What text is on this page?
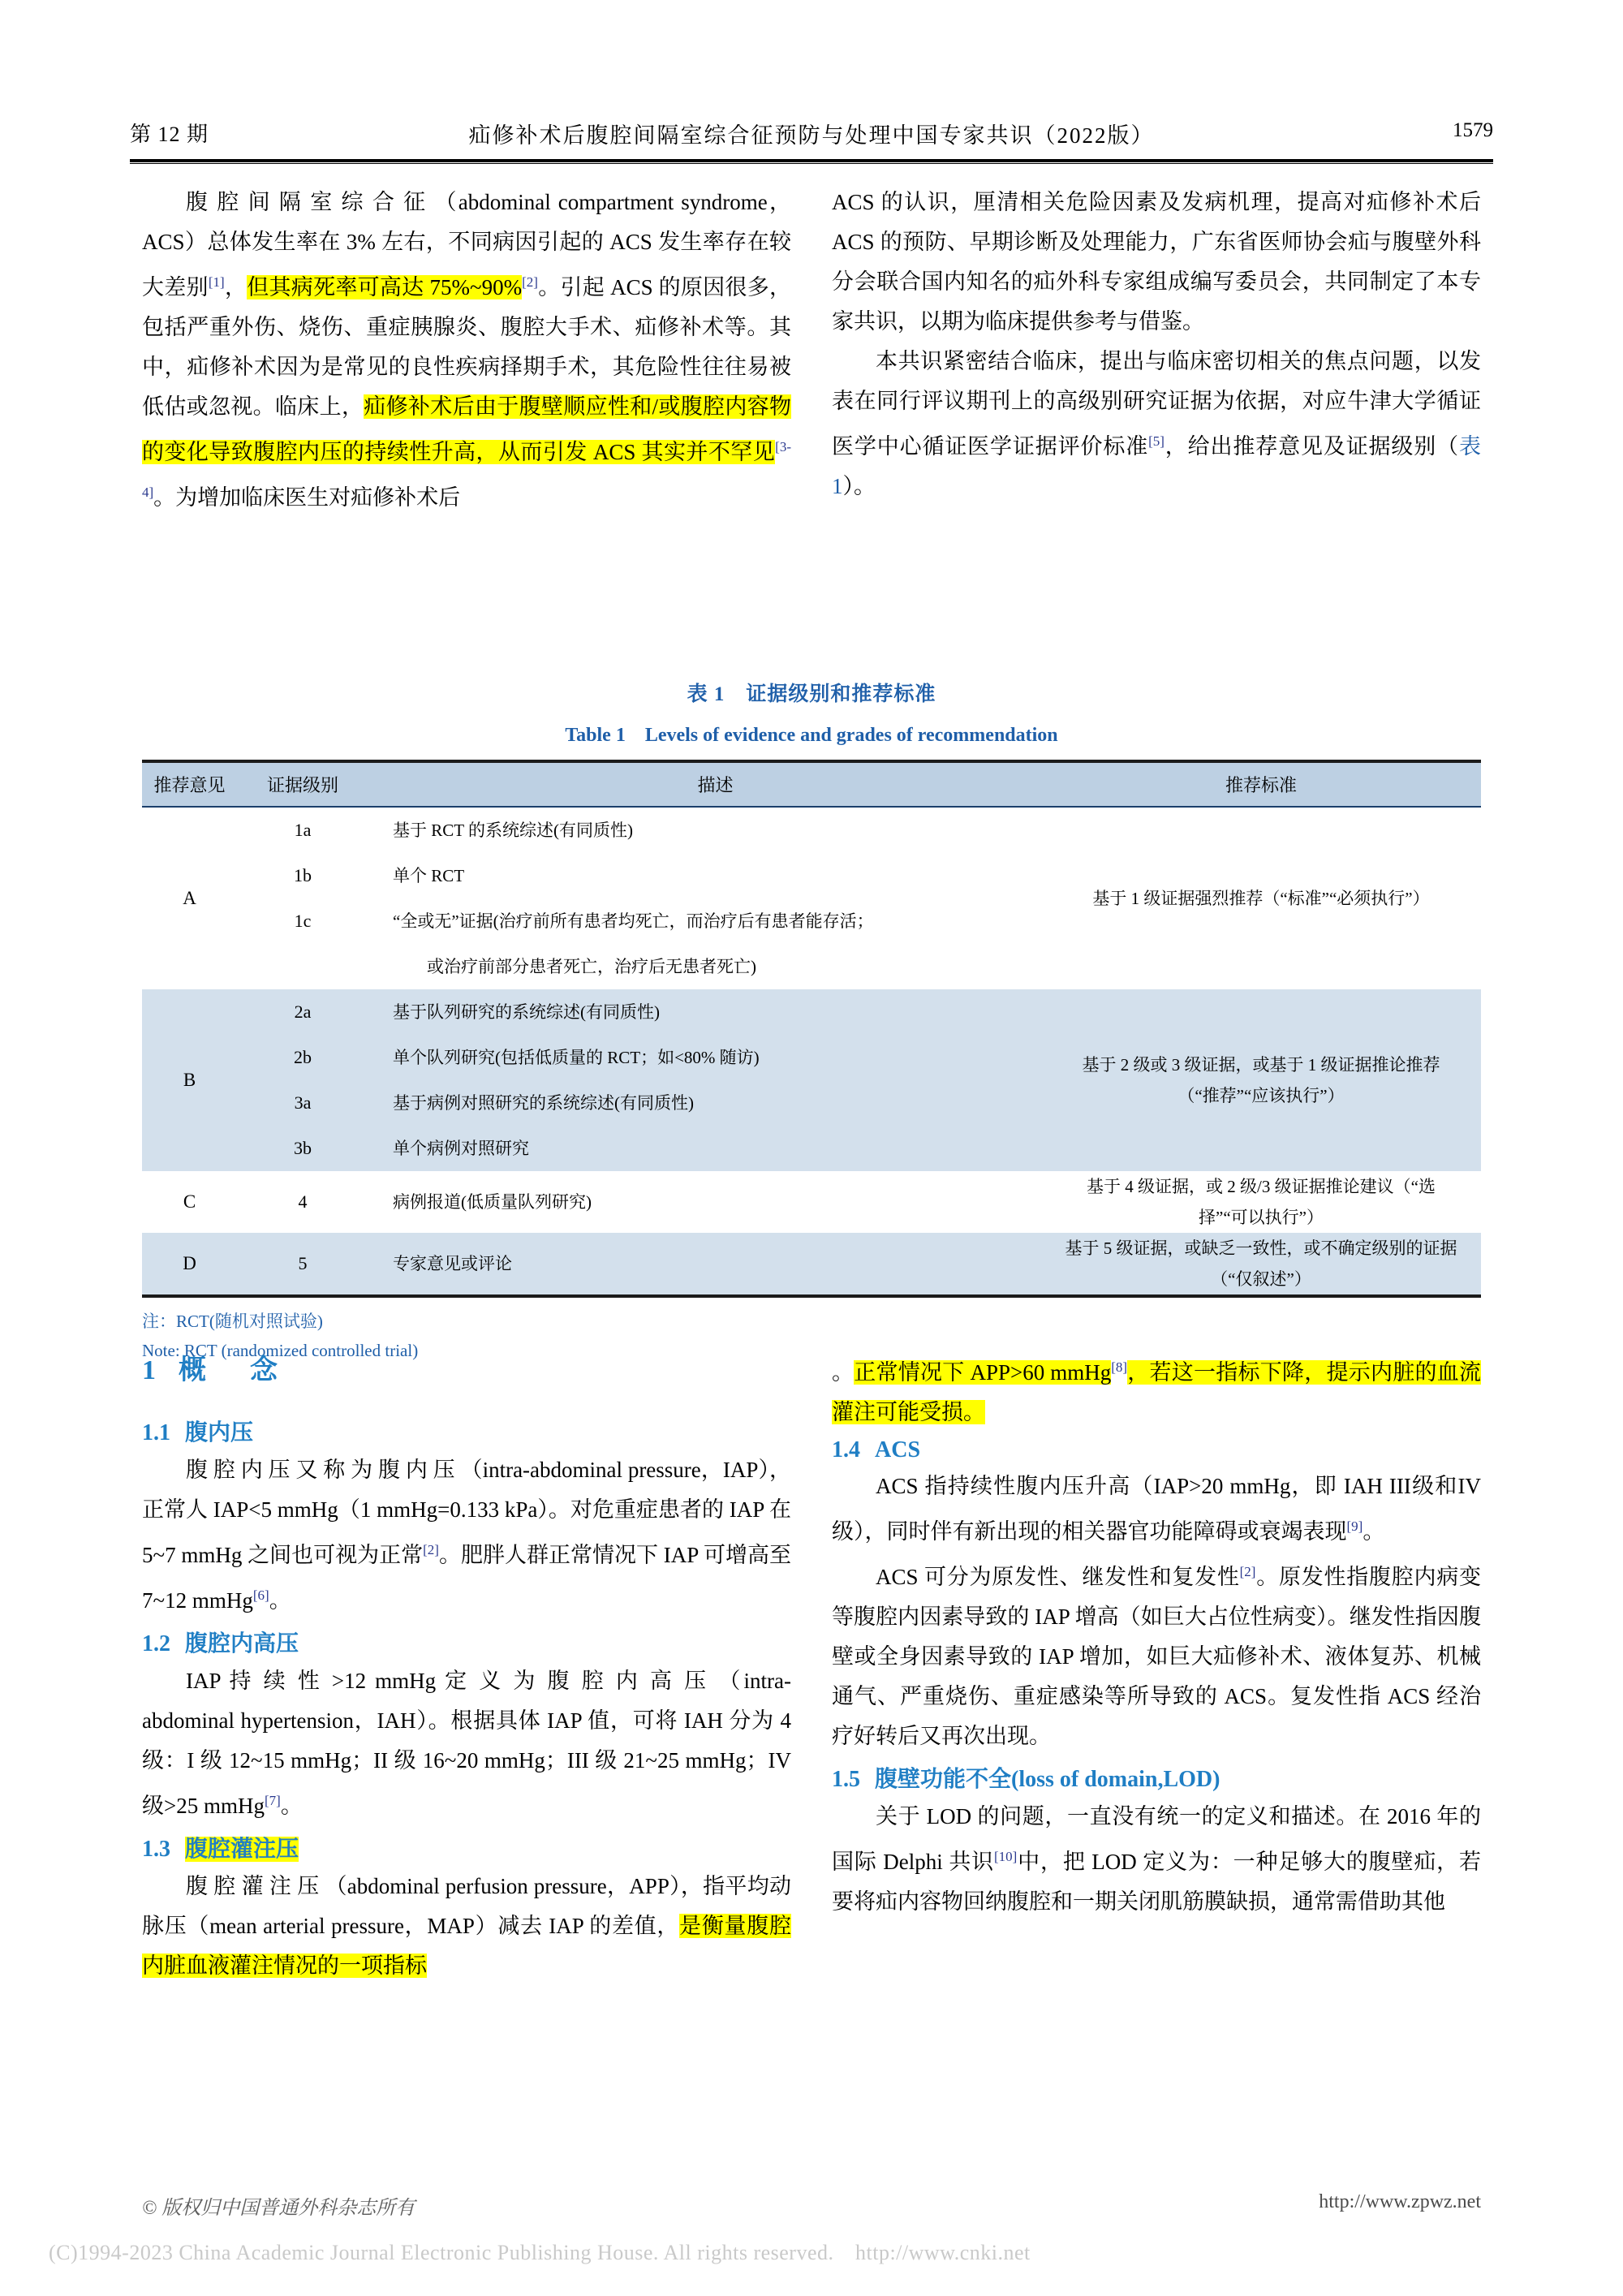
第 12 期	疝修补术后腹腔间隔室综合征预防与处理中国专家共识（2022版）	1579

腹 腔 间 隔 室 综 合 征 （abdominal compartment syndrome，ACS）总体发生率在 3% 左右，不同病因引起的 ACS 发生率存在较大差别[1]，但其病死率可高达 75%~90%[2]。引起 ACS 的原因很多，包括严重外伤、烧伤、重症胰腺炎、腹腔大手术、疝修补术等。其中，疝修补术因为是常见的良性疾病择期手术，其危险性往往易被低估或忽视。临床上，疝修补术后由于腹壁顺应性和/或腹腔内容物的变化导致腹腔内压的持续性升高，从而引发 ACS 其实并不罕见[3-4]。为增加临床医生对疝修补术后

ACS 的认识，厘清相关危险因素及发病机理，提高对疝修补术后 ACS 的预防、早期诊断及处理能力，广东省医师协会疝与腹壁外科分会联合国内知名的疝外科专家组成编写委员会，共同制定了本专家共识，以期为临床提供参考与借鉴。

本共识紧密结合临床，提出与临床密切相关的焦点问题，以发表在同行评议期刊上的高级别研究证据为依据，对应牛津大学循证医学中心循证医学证据评价标准[5]，给出推荐意见及证据级别（表 1）。

表 1　证据级别和推荐标准
Table 1　Levels of evidence and grades of recommendation
推荐意见	证据级别	描述	推荐标准
A	1a	基于 RCT 的系统综述(有同质性)	基于 1 级证据强烈推荐（“标准”“必须执行”）
	1b	单个 RCT	
	1c	“全或无”证据(治疗前所有患者均死亡，而治疗后有患者能存活；	
		　　或治疗前部分患者死亡，治疗后无患者死亡)	
B	2a	基于队列研究的系统综述(有同质性)	基于 2 级或 3 级证据，或基于 1 级证据推论推荐（“推荐”“应该执行”）
	2b	单个队列研究(包括低质量的 RCT；如<80% 随访)	
	3a	基于病例对照研究的系统综述(有同质性)	
	3b	单个病例对照研究	
C	4	病例报道(低质量队列研究)	基于 4 级证据，或 2 级/3 级证据推论建议（“选择”“可以执行”）
D	5	专家意见或评论	基于 5 级证据，或缺乏一致性，或不确定级别的证据（“仅叙述”）
注：RCT(随机对照试验)
Note: RCT (randomized controlled trial)
1 概　念
1.1 腹内压

腹 腔 内 压 又 称 为 腹 内 压 （intra-abdominal pressure，IAP），正常人 IAP<5 mmHg（1 mmHg=0.133 kPa）。对危重症患者的 IAP 在 5~7 mmHg 之间也可视为正常[2]。肥胖人群正常情况下 IAP 可增高至 7~12 mmHg[6]。

1.2 腹腔内高压

IAP 持 续 性 >12 mmHg 定 义 为 腹 腔 内 高 压 （intra-abdominal hypertension，IAH）。根据具体 IAP 值，可将 IAH 分为 4 级：I 级 12~15 mmHg；II 级 16~20 mmHg；III 级 21~25 mmHg；IV 级>25 mmHg[7]。

1.3 腹腔灌注压

腹 腔 灌 注 压 （abdominal perfusion pressure，APP），指平均动脉压（mean arterial pressure，MAP）减去 IAP 的差值，是衡量腹腔内脏血液灌注情况的一项指标

。正常情况下 APP>60 mmHg[8]，若这一指标下降，提示内脏的血流灌注可能受损。

1.4 ACS

ACS 指持续性腹内压升高（IAP>20 mmHg，即 IAH III级和IV级），同时伴有新出现的相关器官功能障碍或衰竭表现[9]。

ACS 可分为原发性、继发性和复发性[2]。原发性指腹腔内病变等腹腔内因素导致的 IAP 增高（如巨大占位性病变）。继发性指因腹壁或全身因素导致的 IAP 增加，如巨大疝修补术、液体复苏、机械通气、严重烧伤、重症感染等所导致的 ACS。复发性指 ACS 经治疗好转后又再次出现。

1.5 腹壁功能不全(loss of domain,LOD)

关于 LOD 的问题，一直没有统一的定义和描述。在 2016 年的国际 Delphi 共识[10]中，把 LOD 定义为：一种足够大的腹壁疝，若要将疝内容物回纳腹腔和一期关闭肌筋膜缺损，通常需借助其他

© 版权归中国普通外科杂志所有	http://www.zpwz.net
(C)1994-2023 China Academic Journal Electronic Publishing House. All rights reserved.　http://www.cnki.net
